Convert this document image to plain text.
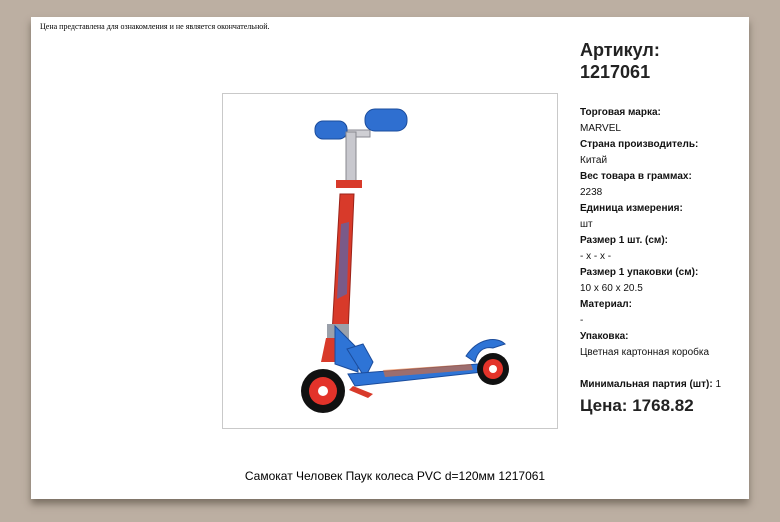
Цена представлена для ознакомления и не является окончательной.
Артикул:
1217061
Торговая марка:
MARVEL
Страна производитель:
Китай
Вес товара в граммах:
2238
Единица измерения:
шт
Размер 1 шт. (см):
- x - x -
Размер 1 упаковки (см):
10 x 60 x 20.5
Материал:
-
Упаковка:
Цветная картонная коробка
Минимальная партия (шт): 1
Цена: 1768.82
Самокат Человек Паук колеса PVC d=120мм 1217061
